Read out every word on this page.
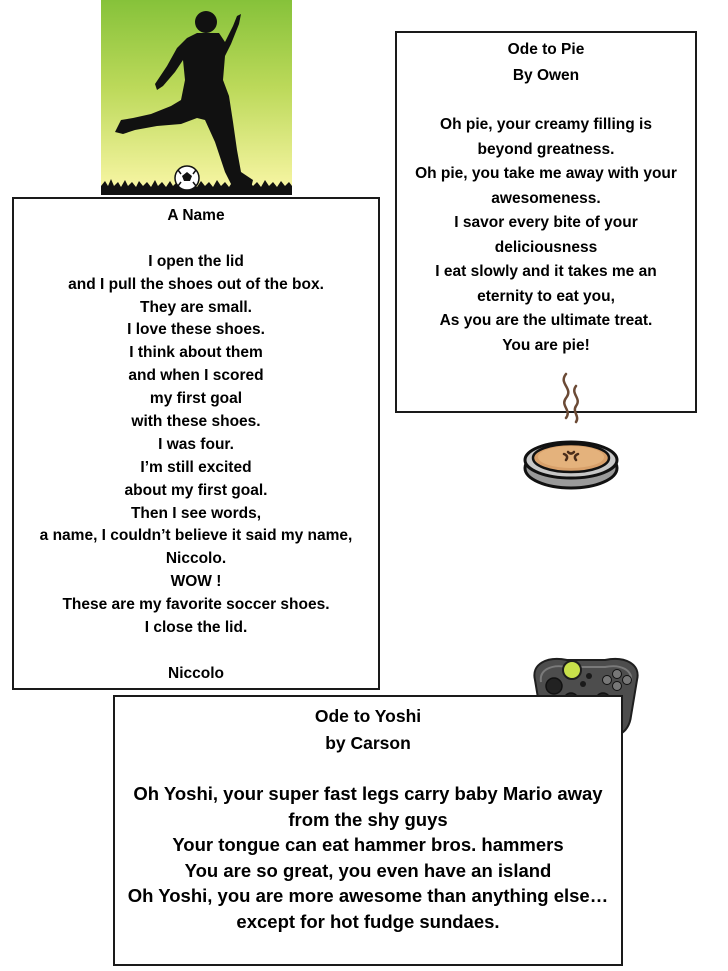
A Name
I open the lid
and I pull the shoes out of the box.
They are small.
I love these shoes.
I think about them
and when I scored
my first goal
with these shoes.
I was four.
I’m still excited
about my first goal.
Then I see words,
a name, I couldn’t believe it said my name,
Niccolo.
WOW !
These are my favorite soccer shoes.
I close the lid.
Niccolo
Ode to Pie
By Owen
Oh pie, your creamy filling is beyond greatness.
Oh pie, you take me away with your awesomeness.
I savor every bite of your deliciousness
I eat slowly and it takes me an eternity to eat you,
As you are the ultimate treat.
You are pie!
Ode to Yoshi
by Carson
Oh Yoshi, your super fast legs carry baby Mario away
from the shy guys
Your tongue can eat hammer bros. hammers
You are so great, you even have an island
Oh Yoshi, you are more awesome than anything else…
except for hot fudge sundaes.
